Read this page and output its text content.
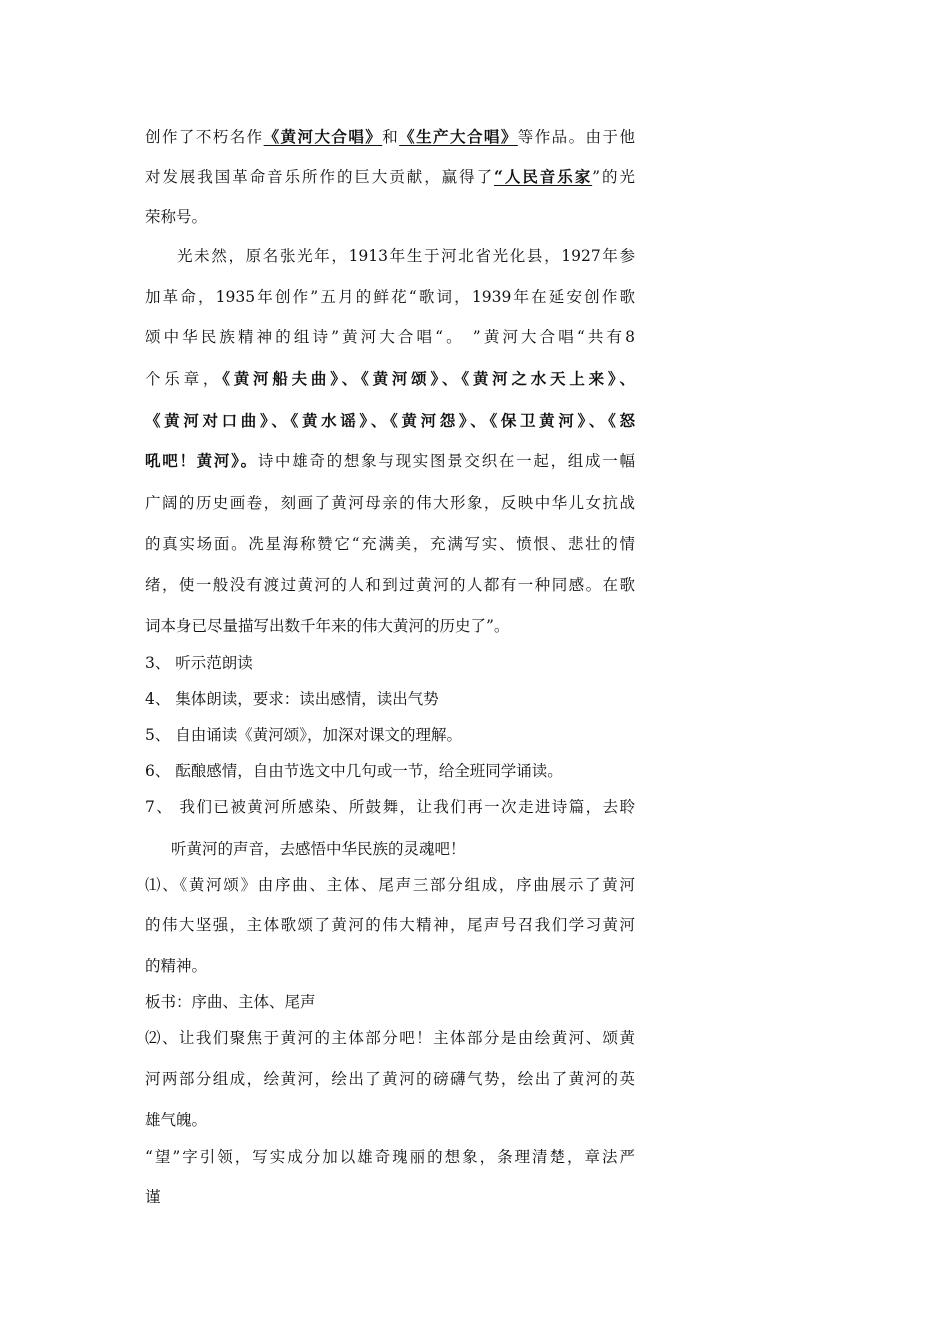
创作了不朽名作《黄河大合唱》和《生产大合唱》等作品。由于他

对发展我国革命音乐所作的巨大贡献，赢得了“人民音乐家”的光

荣称号。

光未然，原名张光年，1913年生于河北省光化县，1927年参

加革命，1935年创作”五月的鲜花“歌词，1939年在延安创作歌

颂中华民族精神的组诗”黄河大合唱“。 ”黄河大合唱“共有8

个乐章，《黄河船夫曲》、《黄河颂》、《黄河之水天上来》、

《黄河对口曲》、《黄水谣》、《黄河怨》、《保卫黄河》、《怒

吼吧！黄河》。诗中雄奇的想象与现实图景交织在一起，组成一幅

广阔的历史画卷，刻画了黄河母亲的伟大形象，反映中华儿女抗战

的真实场面。冼星海称赞它“充满美，充满写实、愤恨、悲壮的情

绪，使一般没有渡过黄河的人和到过黄河的人都有一种同感。在歌

词本身已尽量描写出数千年来的伟大黄河的历史了”。

3、 听示范朗读

4、 集体朗读，要求：读出感情，读出气势

5、 自由诵读《黄河颂》，加深对课文的理解。

6、 酝酿感情，自由节选文中几句或一节，给全班同学诵读。

7、 我们已被黄河所感染、所鼓舞，让我们再一次走进诗篇，去聆

听黄河的声音，去感悟中华民族的灵魂吧！

⑴、《黄河颂》由序曲、主体、尾声三部分组成，序曲展示了黄河

的伟大坚强，主体歌颂了黄河的伟大精神，尾声号召我们学习黄河

的精神。

板书：序曲、主体、尾声

⑵、让我们聚焦于黄河的主体部分吧！主体部分是由绘黄河、颂黄

河两部分组成，绘黄河，绘出了黄河的磅礴气势，绘出了黄河的英

雄气魄。

“望”字引领，写实成分加以雄奇瑰丽的想象，条理清楚，章法严

谨
